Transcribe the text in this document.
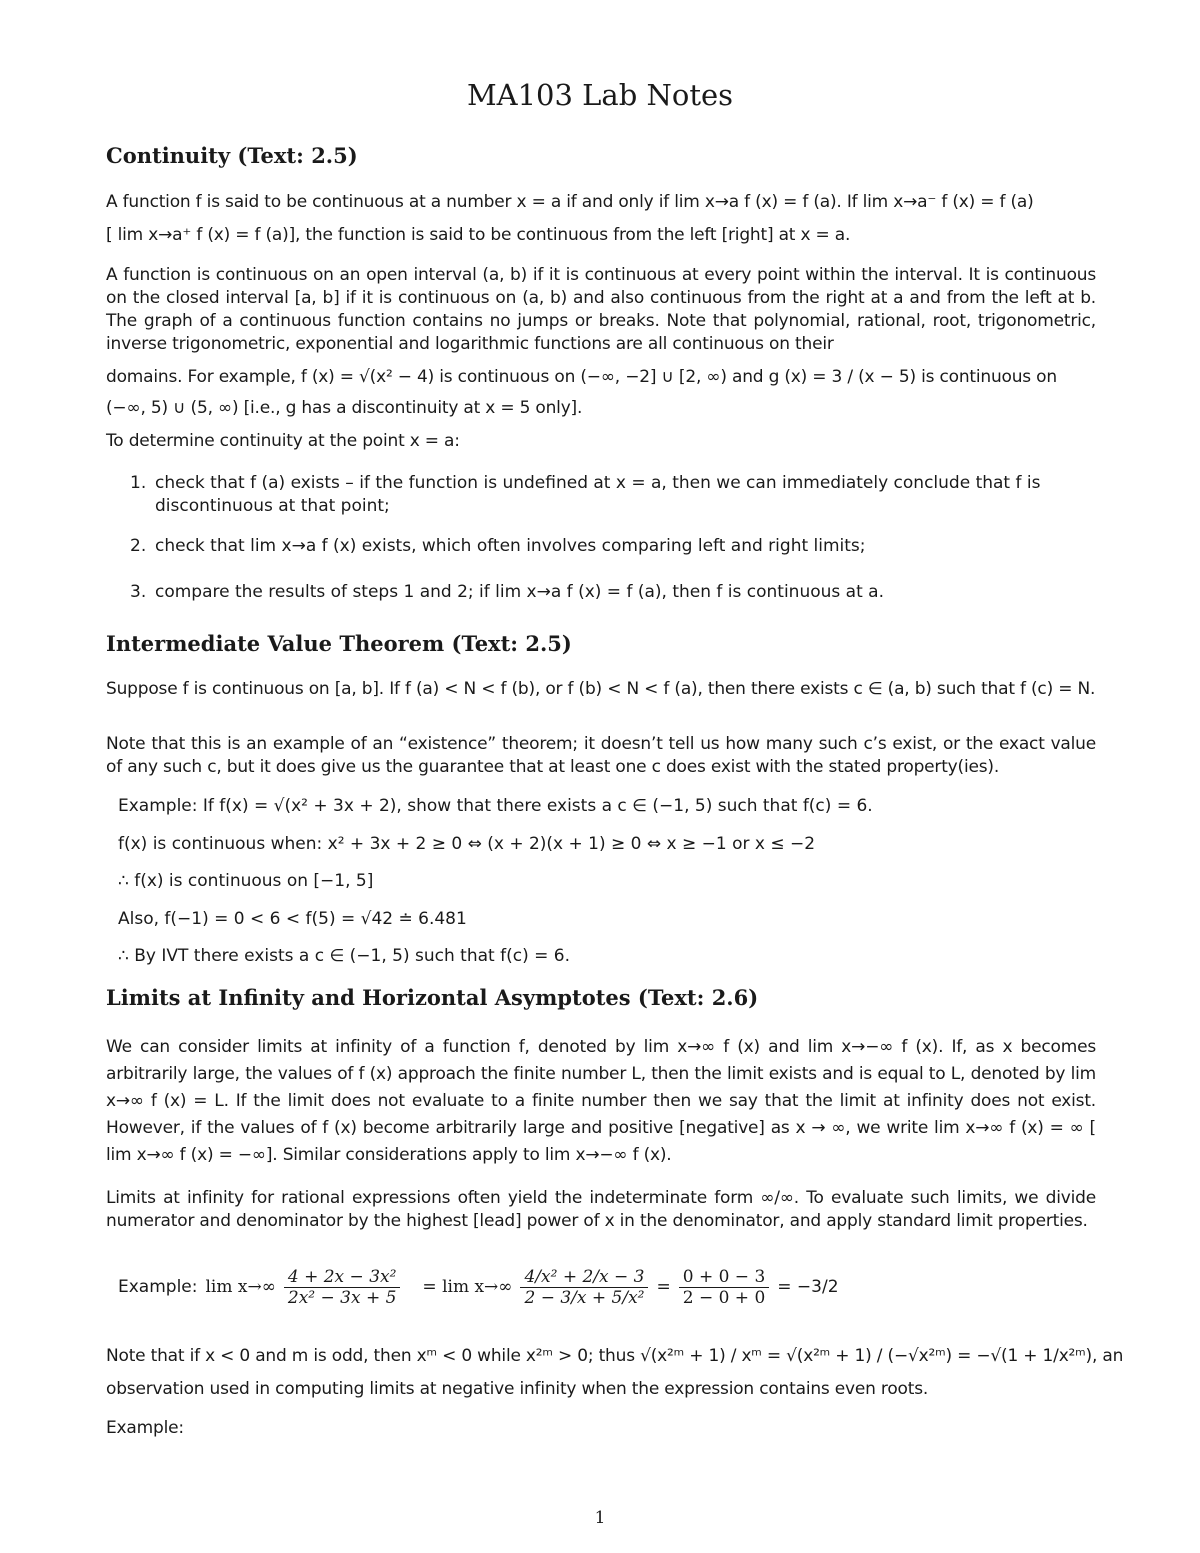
MA103 Lab Notes
Continuity (Text: 2.5)
A function f is said to be continuous at a number x = a if and only if lim x→a f (x) = f (a). If lim x→a⁻ f (x) = f (a)
[ lim x→a⁺ f (x) = f (a)], the function is said to be continuous from the left [right] at x = a.
A function is continuous on an open interval (a, b) if it is continuous at every point within the interval. It is continuous on the closed interval [a, b] if it is continuous on (a, b) and also continuous from the right at a and from the left at b. The graph of a continuous function contains no jumps or breaks. Note that polynomial, rational, root, trigonometric, inverse trigonometric, exponential and logarithmic functions are all continuous on their
domains. For example, f (x) = √(x² − 4) is continuous on (−∞, −2] ∪ [2, ∞) and g (x) = 3 / (x − 5) is continuous on
(−∞, 5) ∪ (5, ∞) [i.e., g has a discontinuity at x = 5 only].
To determine continuity at the point x = a:
1. check that f (a) exists – if the function is undefined at x = a, then we can immediately conclude that f is discontinuous at that point;
2. check that lim x→a f (x) exists, which often involves comparing left and right limits;
3. compare the results of steps 1 and 2; if lim x→a f (x) = f (a), then f is continuous at a.
Intermediate Value Theorem (Text: 2.5)
Suppose f is continuous on [a, b]. If f (a) < N < f (b), or f (b) < N < f (a), then there exists c ∈ (a, b) such that f (c) = N.
Note that this is an example of an “existence” theorem; it doesn’t tell us how many such c’s exist, or the exact value of any such c, but it does give us the guarantee that at least one c does exist with the stated property(ies).
Example: If f(x) = √(x² + 3x + 2), show that there exists a c ∈ (−1, 5) such that f(c) = 6.
f(x) is continuous when: x² + 3x + 2 ≥ 0 ⇔ (x + 2)(x + 1) ≥ 0 ⇔ x ≥ −1 or x ≤ −2
∴ f(x) is continuous on [−1, 5]
Also, f(−1) = 0 < 6 < f(5) = √42 ≐ 6.481
∴ By IVT there exists a c ∈ (−1, 5) such that f(c) = 6.
Limits at Infinity and Horizontal Asymptotes (Text: 2.6)
We can consider limits at infinity of a function f, denoted by lim x→∞ f (x) and lim x→−∞ f (x). If, as x becomes arbitrarily large, the values of f (x) approach the finite number L, then the limit exists and is equal to L, denoted by lim x→∞ f (x) = L. If the limit does not evaluate to a finite number then we say that the limit at infinity does not exist. However, if the values of f (x) become arbitrarily large and positive [negative] as x → ∞, we write lim x→∞ f (x) = ∞ [ lim x→∞ f (x) = −∞]. Similar considerations apply to lim x→−∞ f (x).
Limits at infinity for rational expressions often yield the indeterminate form ∞/∞. To evaluate such limits, we divide numerator and denominator by the highest [lead] power of x in the denominator, and apply standard limit properties.
Example: $\lim x\to\infty \frac{\text{4 + 2x − 3x²}}{\text{2x² − 3x + 5}} = \lim x\to\infty \frac{\text{4/x² + 2/x − 3}}{\text{2 − 3/x + 5/x²}} = \frac{0 + 0 - 3}{2 - 0 + 0} = -3/2$
Note that if x < 0 and m is odd, then xᵐ < 0 while x²ᵐ > 0; thus √(x²ᵐ + 1) / xᵐ = √(x²ᵐ + 1) / (−√x²ᵐ) = −√(1 + 1/x²ᵐ), an
observation used in computing limits at negative infinity when the expression contains even roots.
Example:
1
